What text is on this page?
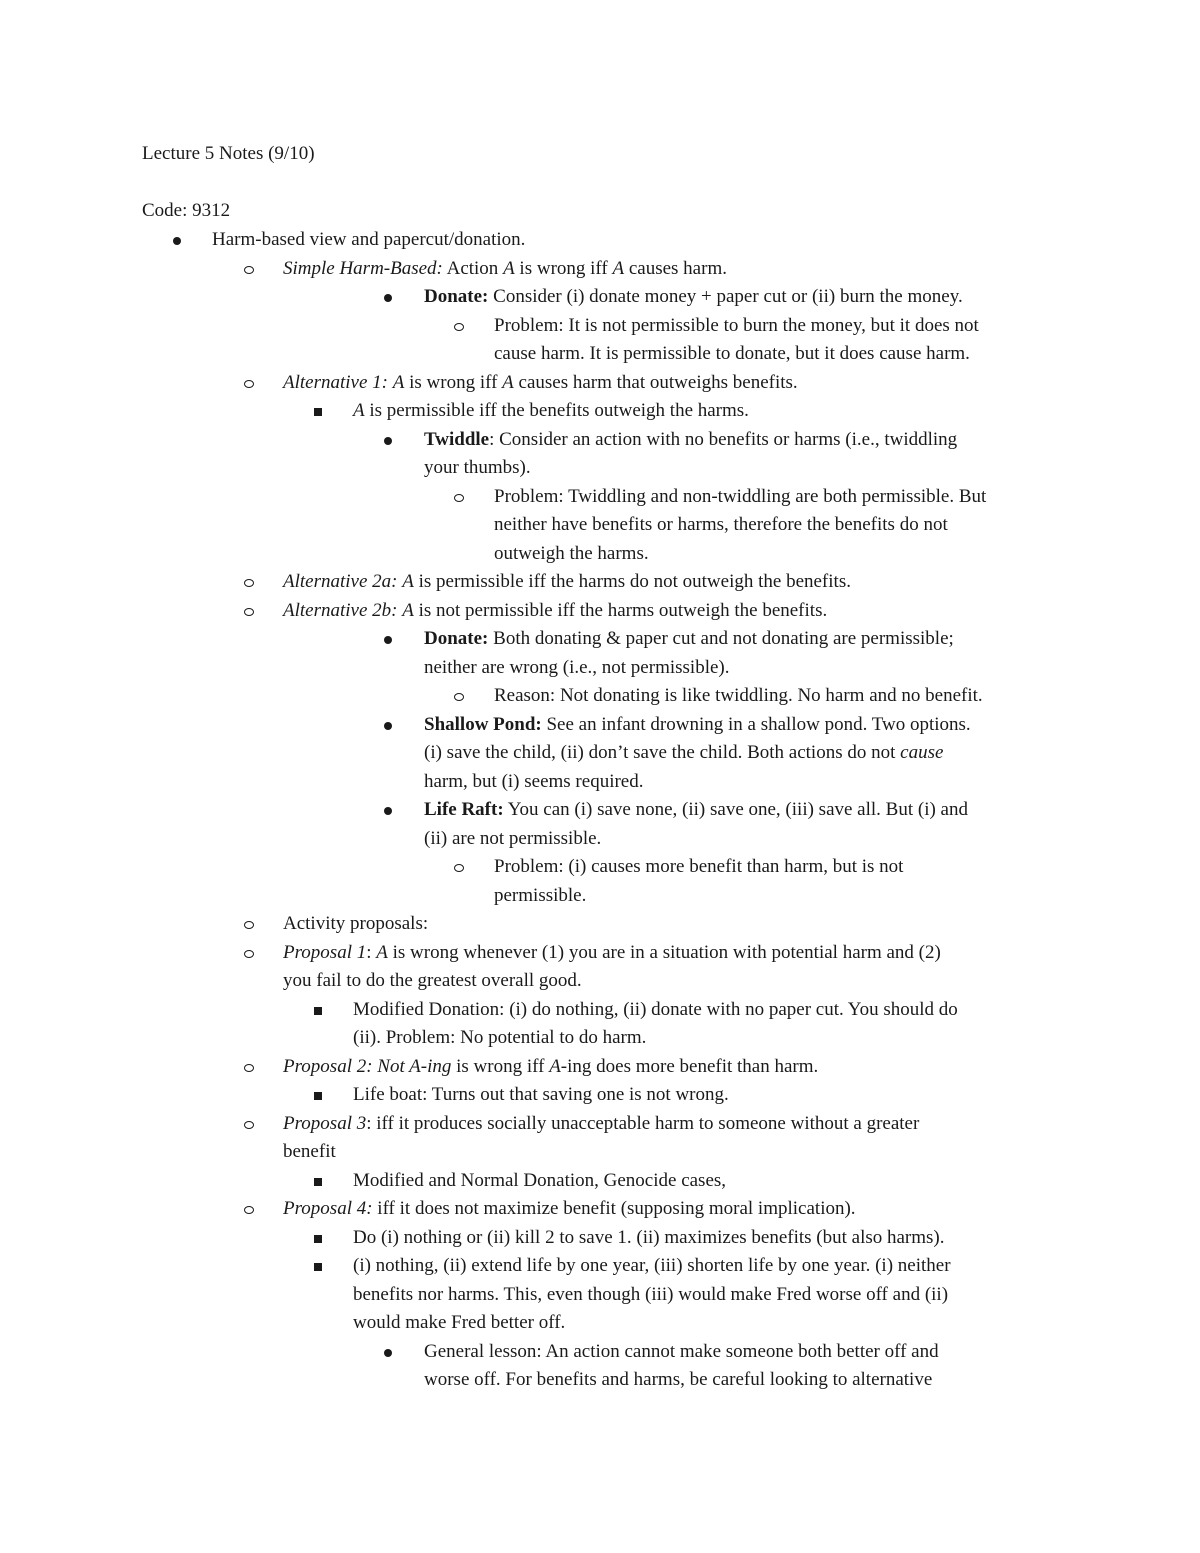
Lecture 5 Notes (9/10)
Code: 9312
Harm-based view and papercut/donation.
Simple Harm-Based: Action A is wrong iff A causes harm.
Donate: Consider (i) donate money + paper cut or (ii) burn the money.
Problem: It is not permissible to burn the money, but it does not
cause harm. It is permissible to donate, but it does cause harm.
Alternative 1: A is wrong iff A causes harm that outweighs benefits.
A is permissible iff the benefits outweigh the harms.
Twiddle: Consider an action with no benefits or harms (i.e., twiddling
your thumbs).
Problem: Twiddling and non-twiddling are both permissible. But
neither have benefits or harms, therefore the benefits do not
outweigh the harms.
Alternative 2a: A is permissible iff the harms do not outweigh the benefits.
Alternative 2b: A is not permissible iff the harms outweigh the benefits.
Donate: Both donating & paper cut and not donating are permissible;
neither are wrong (i.e., not permissible).
Reason: Not donating is like twiddling. No harm and no benefit.
Shallow Pond: See an infant drowning in a shallow pond. Two options.
(i) save the child, (ii) don’t save the child. Both actions do not cause
harm, but (i) seems required.
Life Raft: You can (i) save none, (ii) save one, (iii) save all. But (i) and
(ii) are not permissible.
Problem: (i) causes more benefit than harm, but is not
permissible.
Activity proposals:
Proposal 1: A is wrong whenever (1) you are in a situation with potential harm and (2)
you fail to do the greatest overall good.
Modified Donation: (i) do nothing, (ii) donate with no paper cut. You should do
(ii). Problem: No potential to do harm.
Proposal 2: Not A-ing is wrong iff A-ing does more benefit than harm.
Life boat: Turns out that saving one is not wrong.
Proposal 3: iff it produces socially unacceptable harm to someone without a greater
benefit
Modified and Normal Donation, Genocide cases,
Proposal 4: iff it does not maximize benefit (supposing moral implication).
Do (i) nothing or (ii) kill 2 to save 1. (ii) maximizes benefits (but also harms).
(i) nothing, (ii) extend life by one year, (iii) shorten life by one year. (i) neither
benefits nor harms. This, even though (iii) would make Fred worse off and (ii)
would make Fred better off.
General lesson: An action cannot make someone both better off and
worse off. For benefits and harms, be careful looking to alternative
